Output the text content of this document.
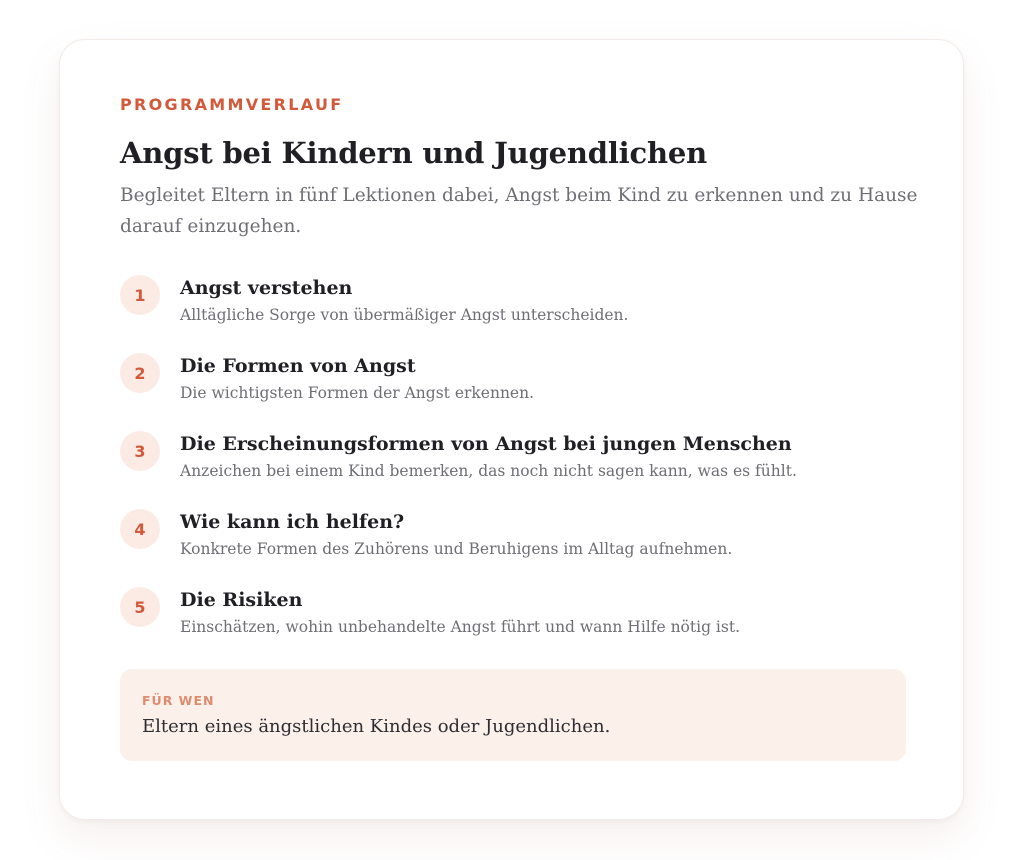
PROGRAMMVERLAUF

Angst bei Kindern und Jugendlichen

Begleitet Eltern in fünf Lektionen dabei, Angst beim Kind zu erkennen und zu Hause darauf einzugehen.

1	Angst verstehen

Alltägliche Sorge von übermäßiger Angst unterscheiden.

2	Die Formen von Angst

Die wichtigsten Formen der Angst erkennen.

3	Die Erscheinungsformen von Angst bei jungen Menschen

Anzeichen bei einem Kind bemerken, das noch nicht sagen kann, was es fühlt.

4	Wie kann ich helfen?

Konkrete Formen des Zuhörens und Beruhigens im Alltag aufnehmen.

5	Die Risiken

Einschätzen, wohin unbehandelte Angst führt und wann Hilfe nötig ist.

FÜR WEN

Eltern eines ängstlichen Kindes oder Jugendlichen.
